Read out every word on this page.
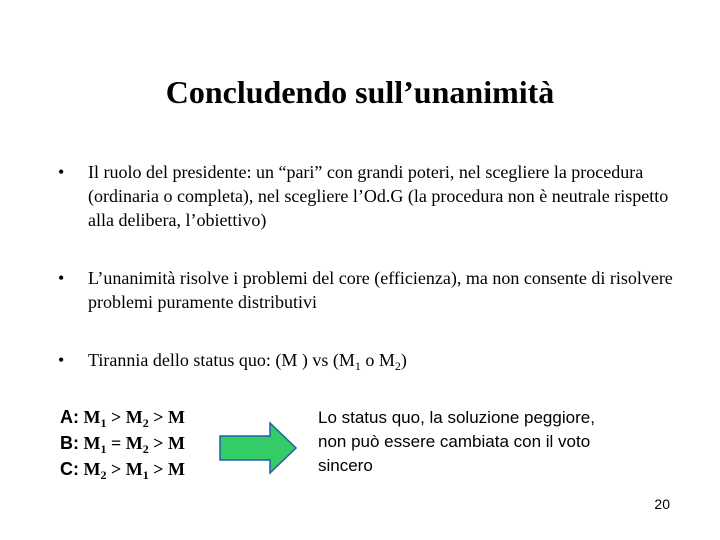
Concludendo sull’unanimità
•	Il ruolo del presidente: un “pari” con grandi poteri, nel scegliere la procedura (ordinaria o completa), nel scegliere l’Od.G (la procedura non è neutrale rispetto alla delibera, l’obiettivo)
•	L’unanimità risolve i problemi del core (efficienza), ma non consente di risolvere problemi puramente distributivi
•	Tirannia dello status quo: (M ) vs ($M_1$ o $M_2$)
A: $M_1 > M_2 > M$
B: $M_1 = M_2 > M$
C: $M_2 > M_1 > M$
Lo status quo, la soluzione peggiore, non può essere cambiata con il voto sincero
20
